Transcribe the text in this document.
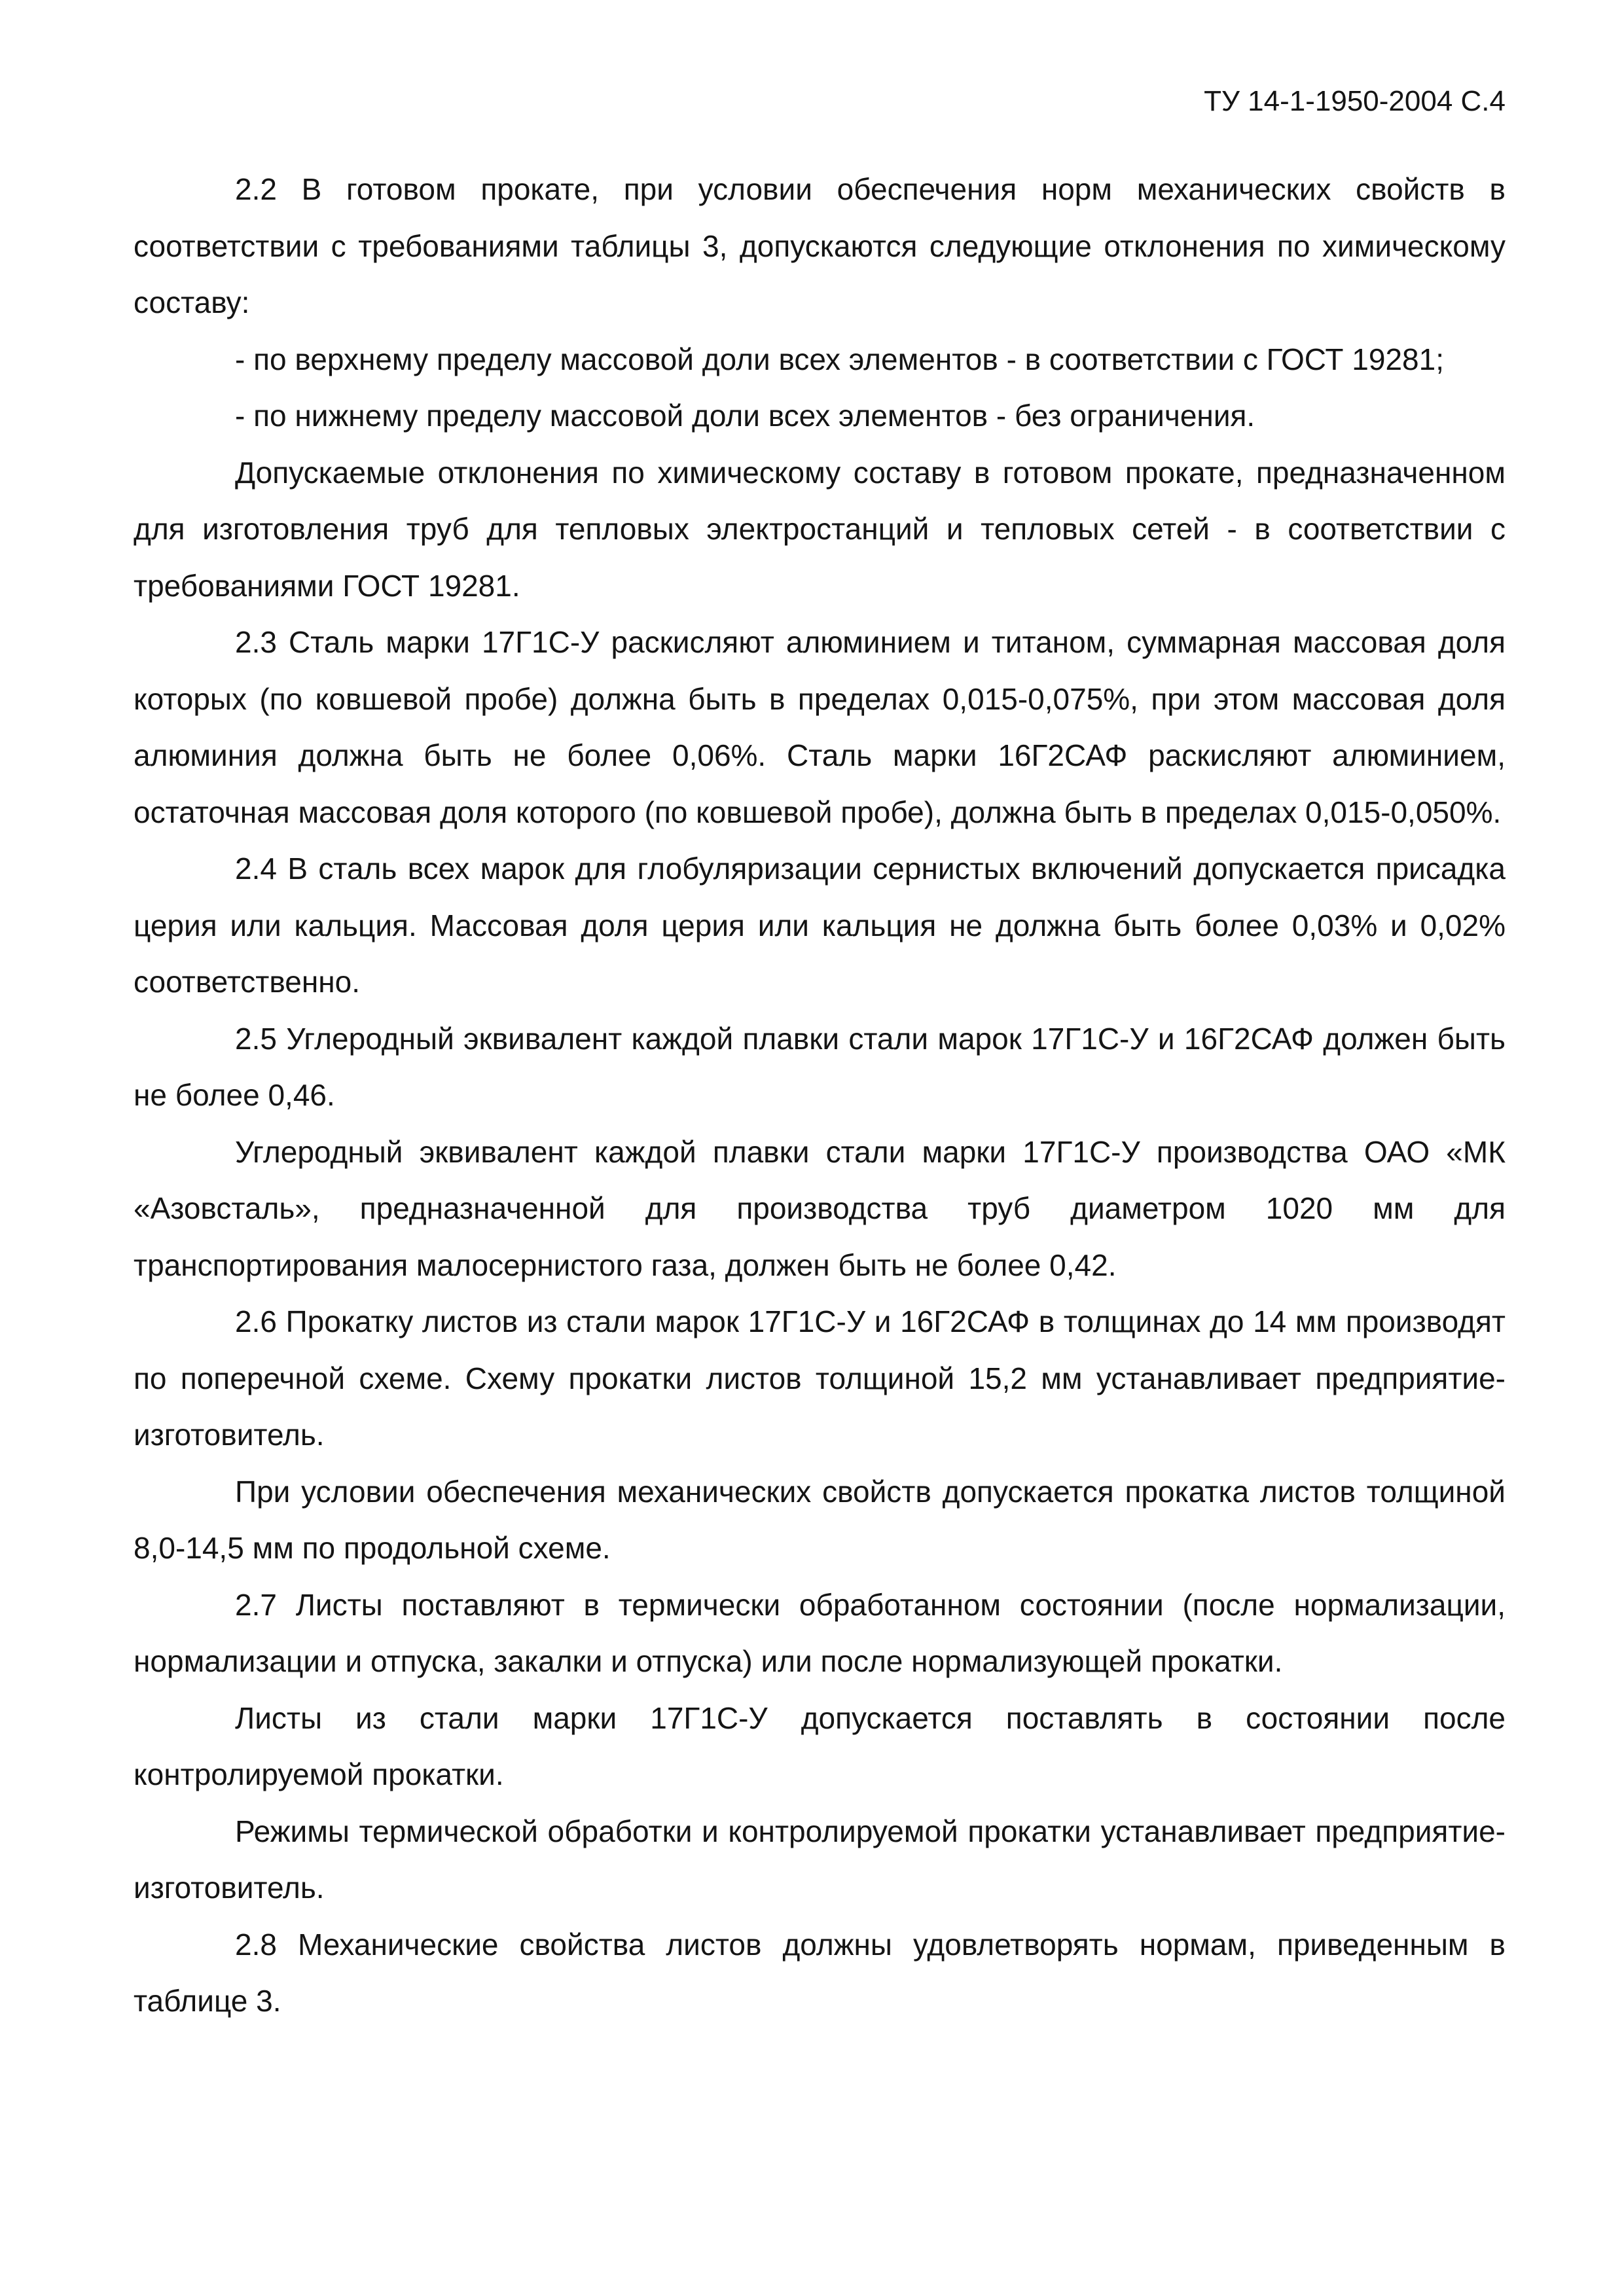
ТУ 14-1-1950-2004 С.4

2.2 В готовом прокате, при условии обеспечения норм механических свойств в соответствии с требованиями таблицы 3, допускаются следующие отклонения по химическому составу:

- по верхнему пределу массовой доли всех элементов - в соответствии с ГОСТ 19281;

- по нижнему пределу массовой доли всех элементов - без ограничения.

Допускаемые отклонения по химическому составу в готовом прокате, предназначенном для изготовления труб для тепловых электростанций и тепловых сетей - в соответствии с требованиями ГОСТ 19281.

2.3 Сталь марки 17Г1С-У раскисляют алюминием и титаном, суммарная массовая доля которых (по ковшевой пробе) должна быть в пределах 0,015-0,075%, при этом массовая доля алюминия должна быть не более 0,06%. Сталь марки 16Г2САФ раскисляют алюминием, остаточная массовая доля которого (по ковшевой пробе), должна быть в пределах 0,015-0,050%.

2.4 В сталь всех марок для глобуляризации сернистых включений допускается присадка церия или кальция. Массовая доля церия или кальция не должна быть более 0,03% и 0,02% соответственно.

2.5 Углеродный эквивалент каждой плавки стали марок 17Г1С-У и 16Г2САФ должен быть не более 0,46.

Углеродный эквивалент каждой плавки стали марки 17Г1С-У производства ОАО «МК «Азовсталь», предназначенной для производства труб диаметром 1020 мм для транспортирования малосернистого газа, должен быть не более 0,42.

2.6 Прокатку листов из стали марок 17Г1С-У и 16Г2САФ в толщинах до 14 мм производят по поперечной схеме. Схему прокатки листов толщиной 15,2 мм устанавливает предприятие-изготовитель.

При условии обеспечения механических свойств допускается прокатка листов толщиной 8,0-14,5 мм по продольной схеме.

2.7 Листы поставляют в термически обработанном состоянии (после нормализации, нормализации и отпуска, закалки и отпуска) или после нормализующей прокатки.

Листы из стали марки 17Г1С-У допускается поставлять в состоянии после контролируемой прокатки.

Режимы термической обработки и контролируемой прокатки устанавливает предприятие-изготовитель.

2.8 Механические свойства листов должны удовлетворять нормам, приведенным в таблице 3.
